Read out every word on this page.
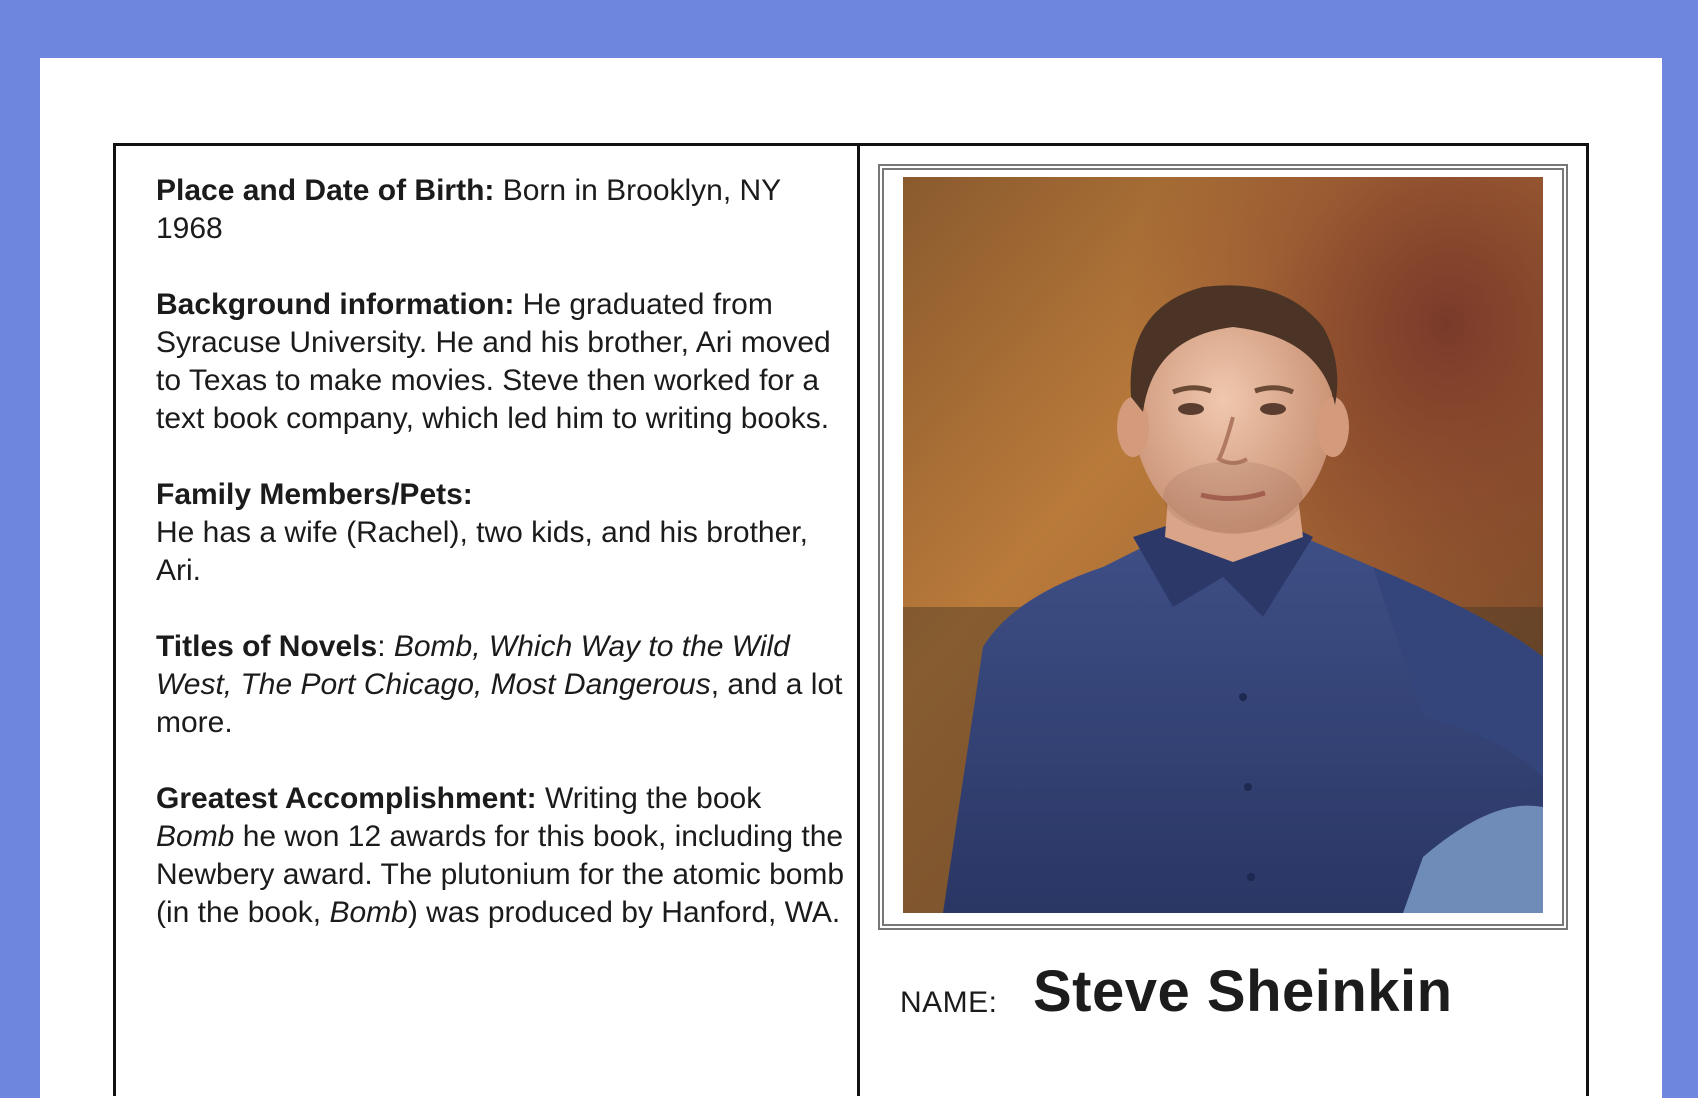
Place and Date of Birth: Born in Brooklyn, NY 1968

Background information: He graduated from Syracuse University. He and his brother, Ari moved to Texas to make movies. Steve then worked for a text book company, which led him to writing books.

Family Members/Pets:
He has a wife (Rachel), two kids, and his brother, Ari.

Titles of Novels: Bomb, Which Way to the Wild West, The Port Chicago, Most Dangerous, and a lot more.

Greatest Accomplishment: Writing the book Bomb he won 12 awards for this book, including the Newbery award. The plutonium for the atomic bomb (in the book, Bomb) was produced by Hanford, WA.

NAME: Steve Sheinkin
